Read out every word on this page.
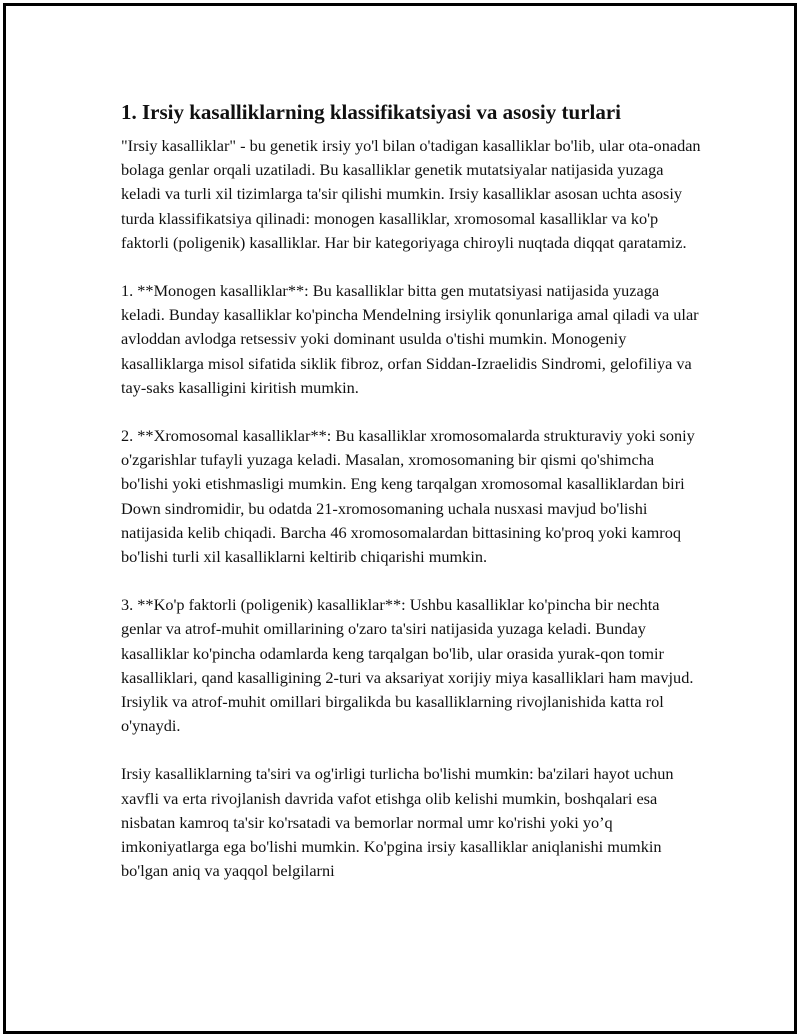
1. Irsiy kasalliklarning klassifikatsiyasi va asosiy turlari

"Irsiy kasalliklar" - bu genetik irsiy yo'l bilan o'tadigan kasalliklar bo'lib, ular ota-onadan bolaga genlar orqali uzatiladi. Bu kasalliklar genetik mutatsiyalar natijasida yuzaga keladi va turli xil tizimlarga ta'sir qilishi mumkin. Irsiy kasalliklar asosan uchta asosiy turda klassifikatsiya qilinadi: monogen kasalliklar, xromosomal kasalliklar va ko'p faktorli (poligenik) kasalliklar. Har bir kategoriyaga chiroyli nuqtada diqqat qaratamiz.

1. **Monogen kasalliklar**: Bu kasalliklar bitta gen mutatsiyasi natijasida yuzaga keladi. Bunday kasalliklar ko'pincha Mendelning irsiylik qonunlariga amal qiladi va ular avloddan avlodga retsessiv yoki dominant usulda o'tishi mumkin. Monogeniy kasalliklarga misol sifatida siklik fibroz, orfan Siddan-Izraelidis Sindromi, gelofiliya va tay-saks kasalligini kiritish mumkin.

2. **Xromosomal kasalliklar**: Bu kasalliklar xromosomalarda strukturaviy yoki soniy o'zgarishlar tufayli yuzaga keladi. Masalan, xromosomaning bir qismi qo'shimcha bo'lishi yoki etishmasligi mumkin. Eng keng tarqalgan xromosomal kasalliklardan biri Down sindromidir, bu odatda 21-xromosomaning uchala nusxasi mavjud bo'lishi natijasida kelib chiqadi. Barcha 46 xromosomalardan bittasining ko'proq yoki kamroq bo'lishi turli xil kasalliklarni keltirib chiqarishi mumkin.

3. **Ko'p faktorli (poligenik) kasalliklar**: Ushbu kasalliklar ko'pincha bir nechta genlar va atrof-muhit omillarining o'zaro ta'siri natijasida yuzaga keladi. Bunday kasalliklar ko'pincha odamlarda keng tarqalgan bo'lib, ular orasida yurak-qon tomir kasalliklari, qand kasalligining 2-turi va aksariyat xorijiy miya kasalliklari ham mavjud. Irsiylik va atrof-muhit omillari birgalikda bu kasalliklarning rivojlanishida katta rol o'ynaydi.

Irsiy kasalliklarning ta'siri va og'irligi turlicha bo'lishi mumkin: ba'zilari hayot uchun xavfli va erta rivojlanish davrida vafot etishga olib kelishi mumkin, boshqalari esa nisbatan kamroq ta'sir ko'rsatadi va bemorlar normal umr ko'rishi yoki yo’q imkoniyatlarga ega bo'lishi mumkin. Ko'pgina irsiy kasalliklar aniqlanishi mumkin bo'lgan aniq va yaqqol belgilarni
